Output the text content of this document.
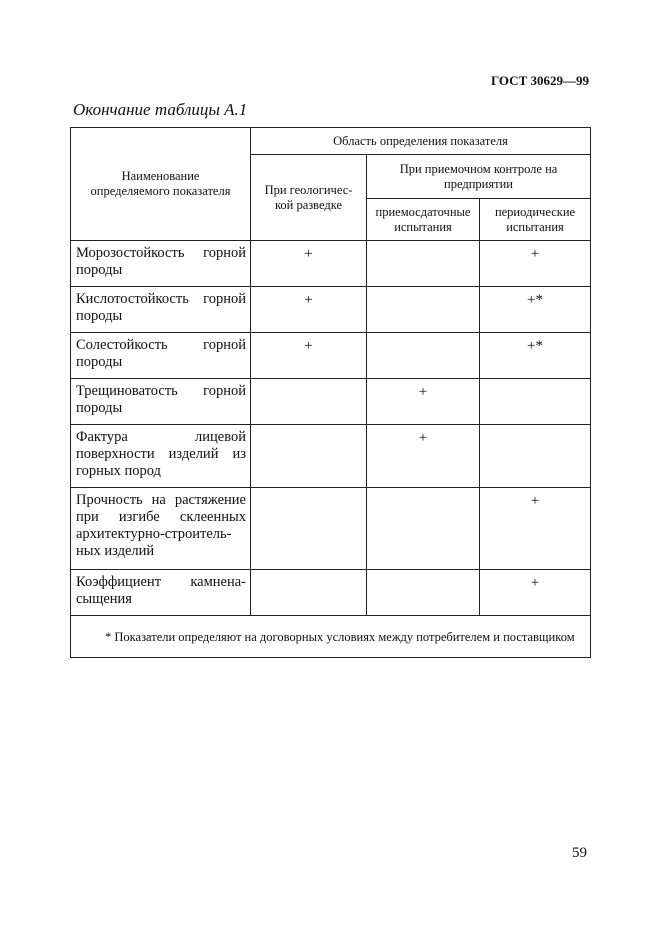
ГОСТ 30629—99
Окончание таблицы А.1
Наименование определяемого показателя	Область определения показателя		
	При геологичес-кой разведке	При приемочном контроле на предприятии	
		приемосдаточные испытания	периодические испытания
Морозостойкость горной породы	+		+
Кислотостойкость горной породы	+		+*
Солестойкость горной породы	+		+*
Трещиноватость горной породы		+	
Фактура лицевой поверхности изделий из горных пород		+	
Прочность на растяжение при изгибе склеенных архитектурно-строитель-ных изделий			+
Коэффициент камнена-сыщения			+

* Показатели определяют на договорных условиях между потребителем и поставщиком			
59
